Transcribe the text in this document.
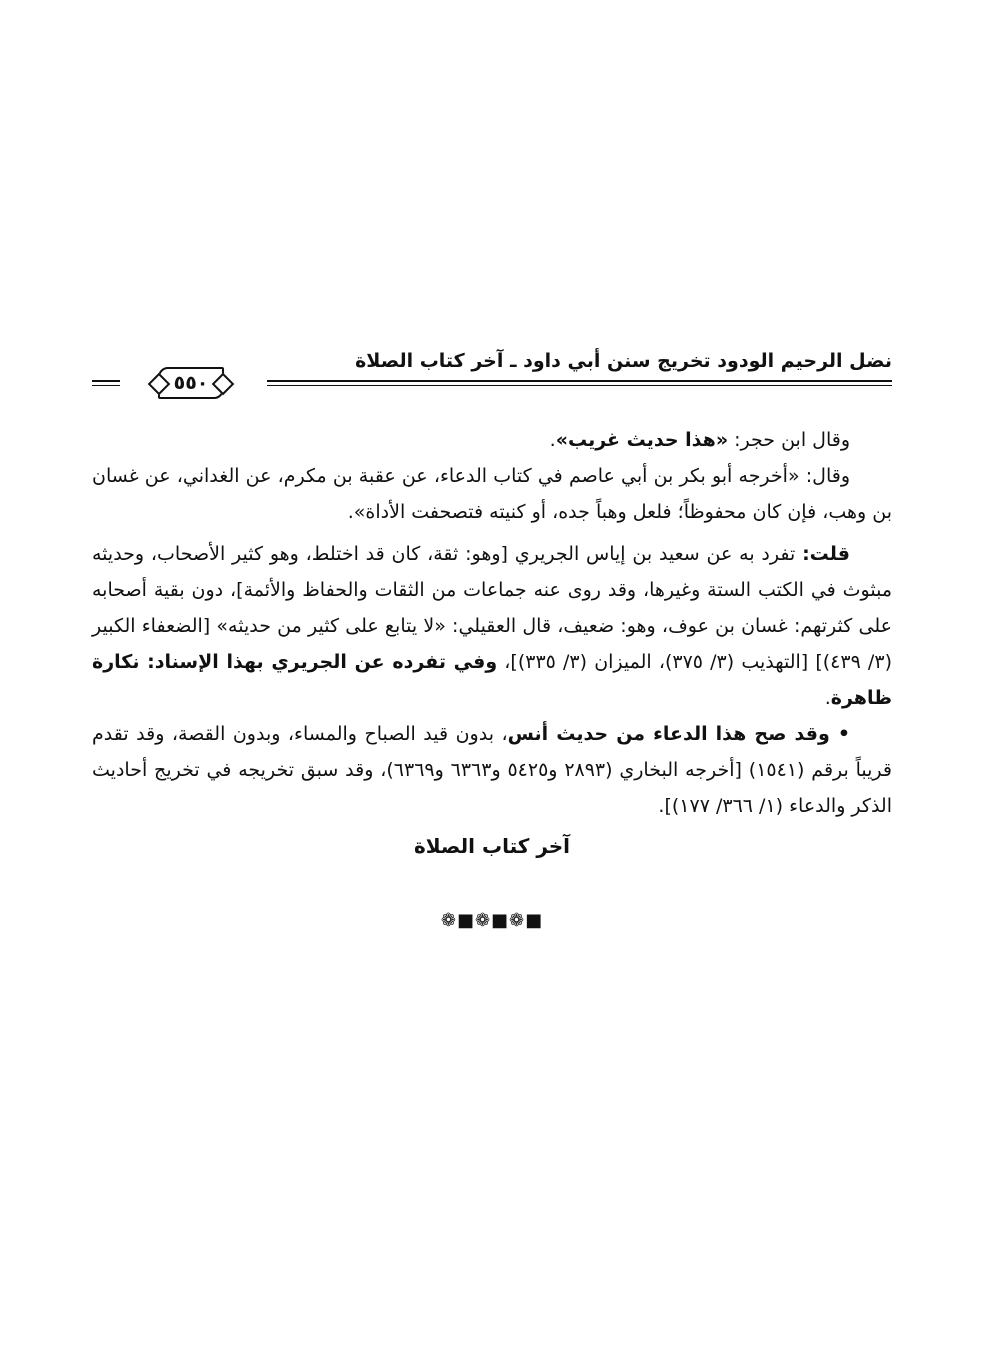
نضل الرحيم الودود تخريج سنن أبي داود ـ آخر كتاب الصلاة
٥٥٠

وقال ابن حجر: «هذا حديث غريب».

وقال: «أخرجه أبو بكر بن أبي عاصم في كتاب الدعاء، عن عقبة بن مكرم، عن الغداني، عن غسان بن وهب، فإن كان محفوظاً؛ فلعل وهباً جده، أو كنيته فتصحفت الأداة».

قلت: تفرد به عن سعيد بن إياس الجريري [وهو: ثقة، كان قد اختلط، وهو كثير الأصحاب، وحديثه مبثوث في الكتب الستة وغيرها، وقد روى عنه جماعات من الثقات والحفاظ والأئمة]، دون بقية أصحابه على كثرتهم: غسان بن عوف، وهو: ضعيف، قال العقيلي: «لا يتابع على كثير من حديثه» [الضعفاء الكبير (٣/ ٤٣٩)] [التهذيب (٣/ ٣٧٥)، الميزان (٣/ ٣٣٥)]، وفي تفرده عن الجريري بهذا الإسناد: نكارة ظاهرة.

• وقد صح هذا الدعاء من حديث أنس، بدون قيد الصباح والمساء، وبدون القصة، وقد تقدم قريباً برقم (١٥٤١) [أخرجه البخاري (٢٨٩٣ و٥٤٢٥ و٦٣٦٣ و٦٣٦٩)، وقد سبق تخريجه في تخريج أحاديث الذكر والدعاء (١/ ٣٦٦/ ١٧٧)].

آخر كتاب الصلاة
❁■❁■❁■
